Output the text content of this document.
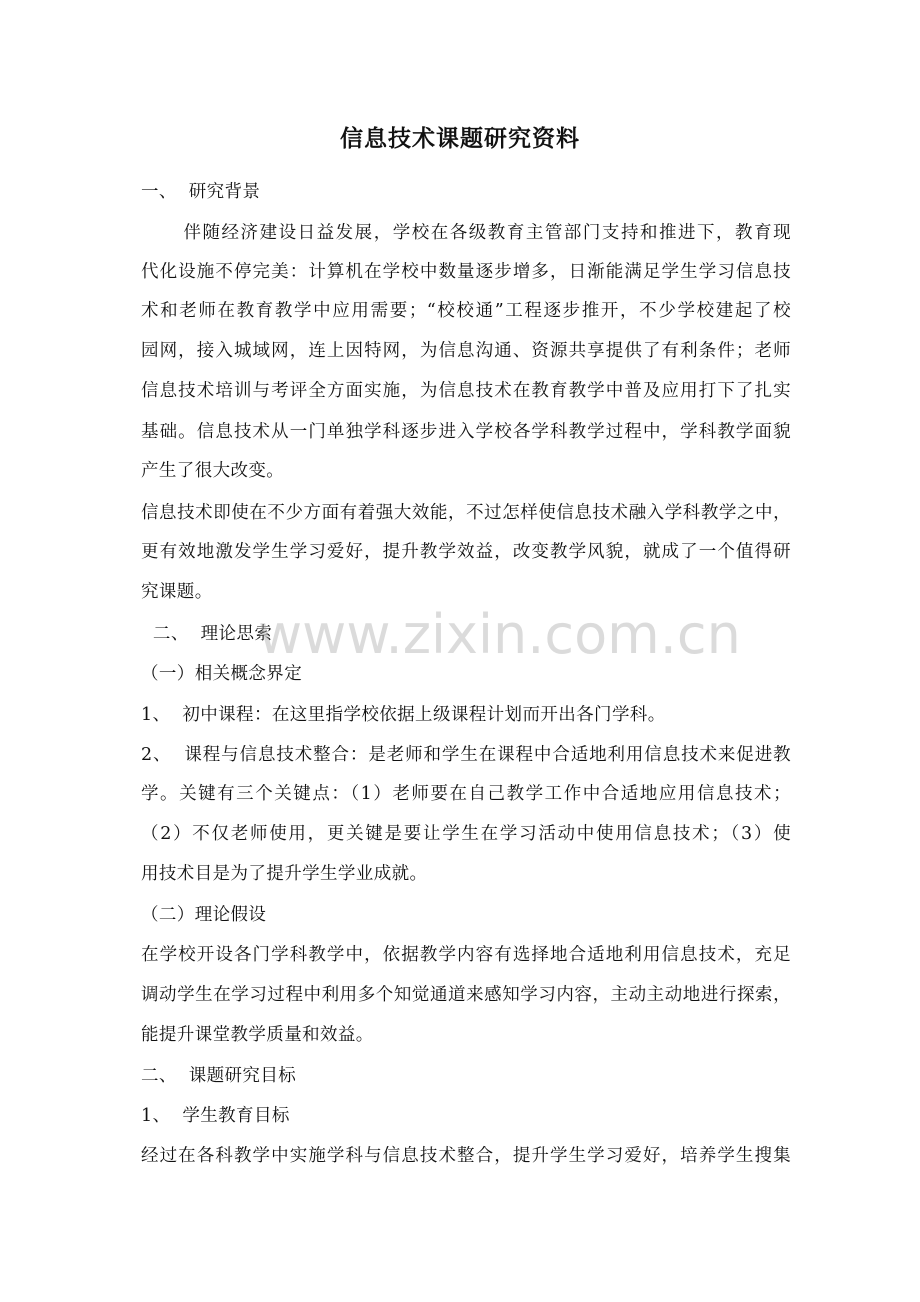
信息技术课题研究资料
一、  研究背景
伴随经济建设日益发展，学校在各级教育主管部门支持和推进下，教育现
代化设施不停完美：计算机在学校中数量逐步增多，日渐能满足学生学习信息技
术和老师在教育教学中应用需要；“校校通”工程逐步推开，不少学校建起了校
园网，接入城域网，连上因特网，为信息沟通、资源共享提供了有利条件；老师
信息技术培训与考评全方面实施，为信息技术在教育教学中普及应用打下了扎实
基础。信息技术从一门单独学科逐步进入学校各学科教学过程中，学科教学面貌
产生了很大改变。
信息技术即使在不少方面有着强大效能，不过怎样使信息技术融入学科教学之中，
更有效地激发学生学习爱好，提升教学效益，改变教学风貌，就成了一个值得研
究课题。
二、  理论思索
（一）相关概念界定
1、  初中课程：在这里指学校依据上级课程计划而开出各门学科。
2、  课程与信息技术整合：是老师和学生在课程中合适地利用信息技术来促进教
学。关键有三个关键点：（1）老师要在自己教学工作中合适地应用信息技术；
（2）不仅老师使用，更关键是要让学生在学习活动中使用信息技术；（3）使
用技术目是为了提升学生学业成就。
（二）理论假设
在学校开设各门学科教学中，依据教学内容有选择地合适地利用信息技术，充足
调动学生在学习过程中利用多个知觉通道来感知学习内容，主动主动地进行探索，
能提升课堂教学质量和效益。
二、  课题研究目标
1、  学生教育目标
经过在各科教学中实施学科与信息技术整合，提升学生学习爱好，培养学生搜集
www.zixin.com.cn
